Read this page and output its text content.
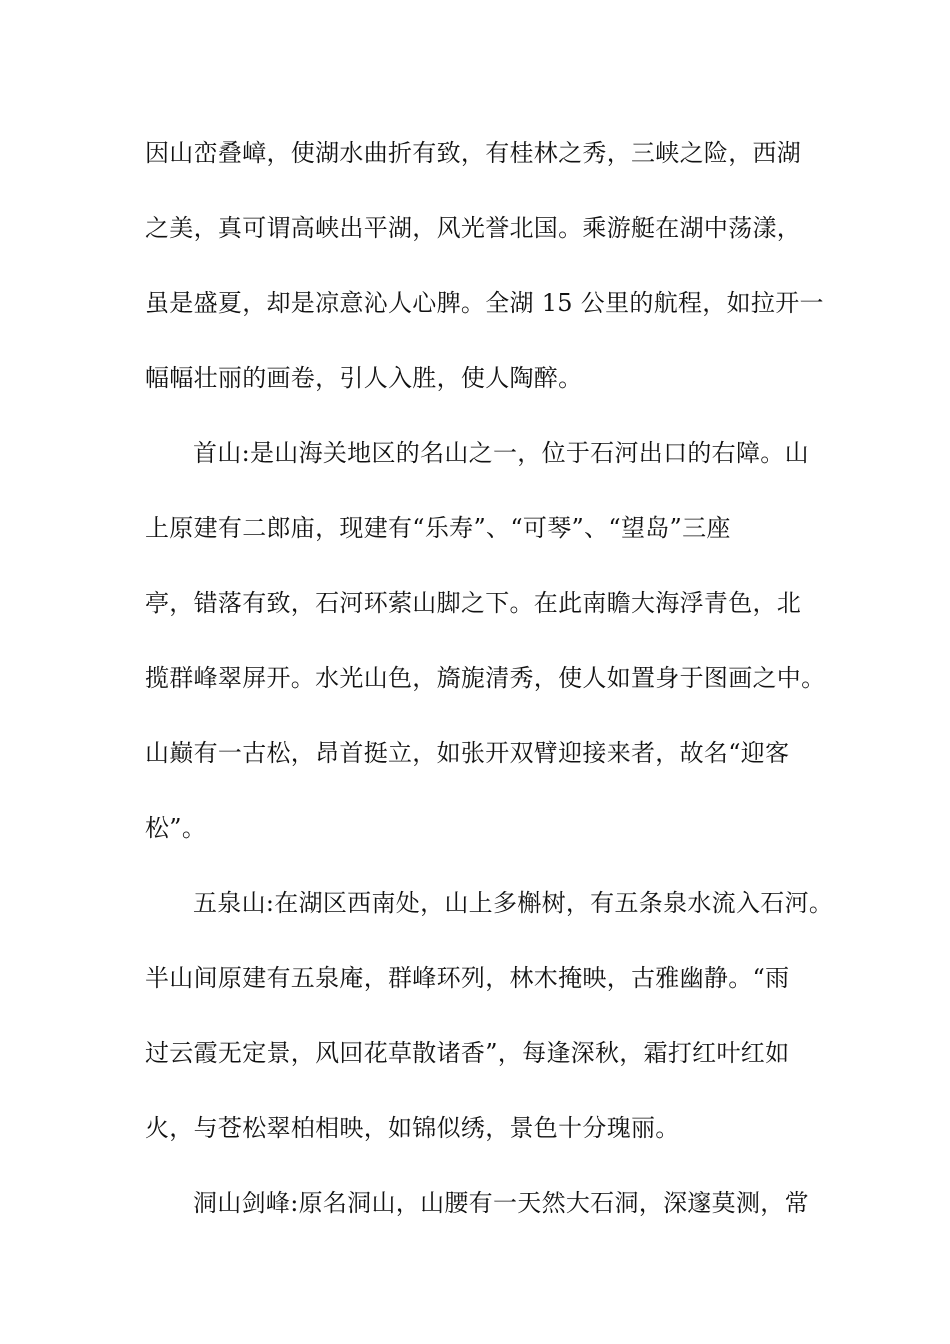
因山峦叠嶂，使湖水曲折有致，有桂林之秀，三峡之险，西湖
之美，真可谓高峡出平湖，风光誉北国。乘游艇在湖中荡漾，
虽是盛夏，却是凉意沁人心脾。全湖 15 公里的航程，如拉开一
幅幅壮丽的画卷，引人入胜，使人陶醉。
首山:是山海关地区的名山之一，位于石河出口的右障。山
上原建有二郎庙，现建有“乐寿”、“可琴”、“望岛”三座
亭，错落有致，石河环萦山脚之下。在此南瞻大海浮青色，北
揽群峰翠屏开。水光山色，旖旎清秀，使人如置身于图画之中。
山巅有一古松，昂首挺立，如张开双臂迎接来者，故名“迎客
松”。
五泉山:在湖区西南处，山上多槲树，有五条泉水流入石河。
半山间原建有五泉庵，群峰环列，林木掩映，古雅幽静。“雨
过云霞无定景，风回花草散诸香”，每逢深秋，霜打红叶红如
火，与苍松翠柏相映，如锦似绣，景色十分瑰丽。
洞山剑峰:原名洞山，山腰有一天然大石洞，深邃莫测，常
